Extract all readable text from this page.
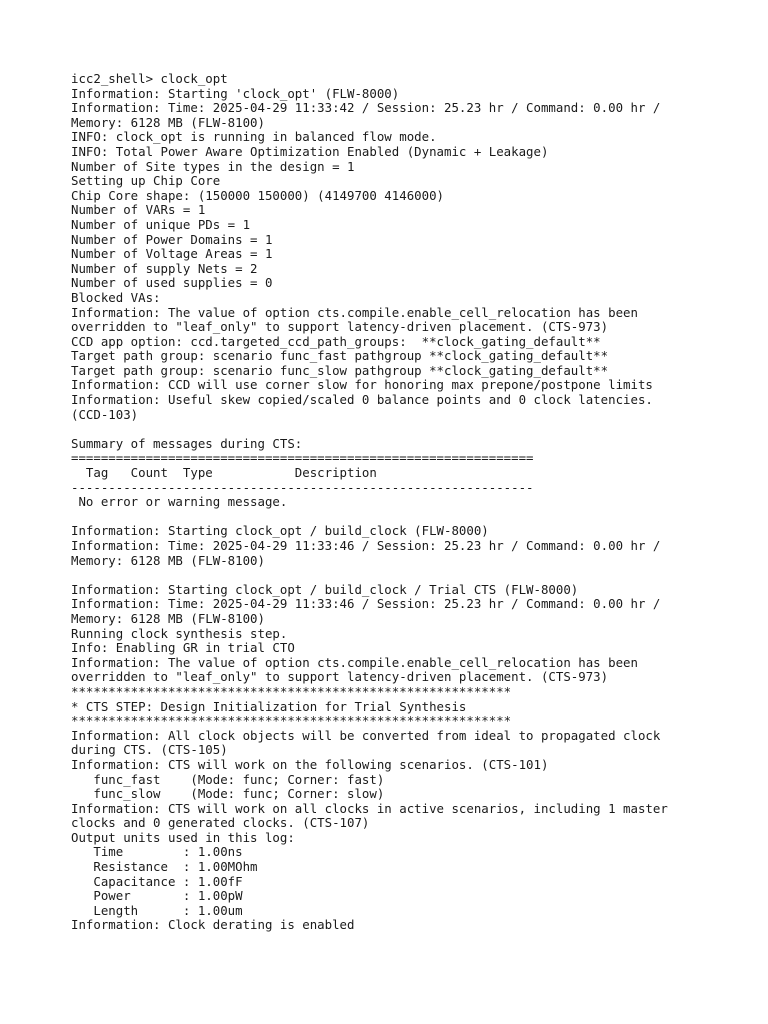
icc2_shell> clock_opt
Information: Starting 'clock_opt' (FLW-8000)
Information: Time: 2025-04-29 11:33:42 / Session: 25.23 hr / Command: 0.00 hr /
Memory: 6128 MB (FLW-8100)
INFO: clock_opt is running in balanced flow mode.
INFO: Total Power Aware Optimization Enabled (Dynamic + Leakage)
Number of Site types in the design = 1
Setting up Chip Core
Chip Core shape: (150000 150000) (4149700 4146000)
Number of VARs = 1
Number of unique PDs = 1
Number of Power Domains = 1
Number of Voltage Areas = 1
Number of supply Nets = 2
Number of used supplies = 0
Blocked VAs:
Information: The value of option cts.compile.enable_cell_relocation has been
overridden to "leaf_only" to support latency-driven placement. (CTS-973)
CCD app option: ccd.targeted_ccd_path_groups:  **clock_gating_default**
Target path group: scenario func_fast pathgroup **clock_gating_default**
Target path group: scenario func_slow pathgroup **clock_gating_default**
Information: CCD will use corner slow for honoring max prepone/postpone limits
Information: Useful skew copied/scaled 0 balance points and 0 clock latencies.
(CCD-103)
Summary of messages during CTS:
==============================================================
Tag   Count  Type           Description
--------------------------------------------------------------
No error or warning message.
Information: Starting clock_opt / build_clock (FLW-8000)
Information: Time: 2025-04-29 11:33:46 / Session: 25.23 hr / Command: 0.00 hr /
Memory: 6128 MB (FLW-8100)
Information: Starting clock_opt / build_clock / Trial CTS (FLW-8000)
Information: Time: 2025-04-29 11:33:46 / Session: 25.23 hr / Command: 0.00 hr /
Memory: 6128 MB (FLW-8100)
Running clock synthesis step.
Info: Enabling GR in trial CTO
Information: The value of option cts.compile.enable_cell_relocation has been
overridden to "leaf_only" to support latency-driven placement. (CTS-973)
***********************************************************
* CTS STEP: Design Initialization for Trial Synthesis
***********************************************************
Information: All clock objects will be converted from ideal to propagated clock
during CTS. (CTS-105)
Information: CTS will work on the following scenarios. (CTS-101)
func_fast    (Mode: func; Corner: fast)
func_slow    (Mode: func; Corner: slow)
Information: CTS will work on all clocks in active scenarios, including 1 master
clocks and 0 generated clocks. (CTS-107)
Output units used in this log:
Time        : 1.00ns
Resistance  : 1.00MOhm
Capacitance : 1.00fF
Power       : 1.00pW
Length      : 1.00um
Information: Clock derating is enabled
